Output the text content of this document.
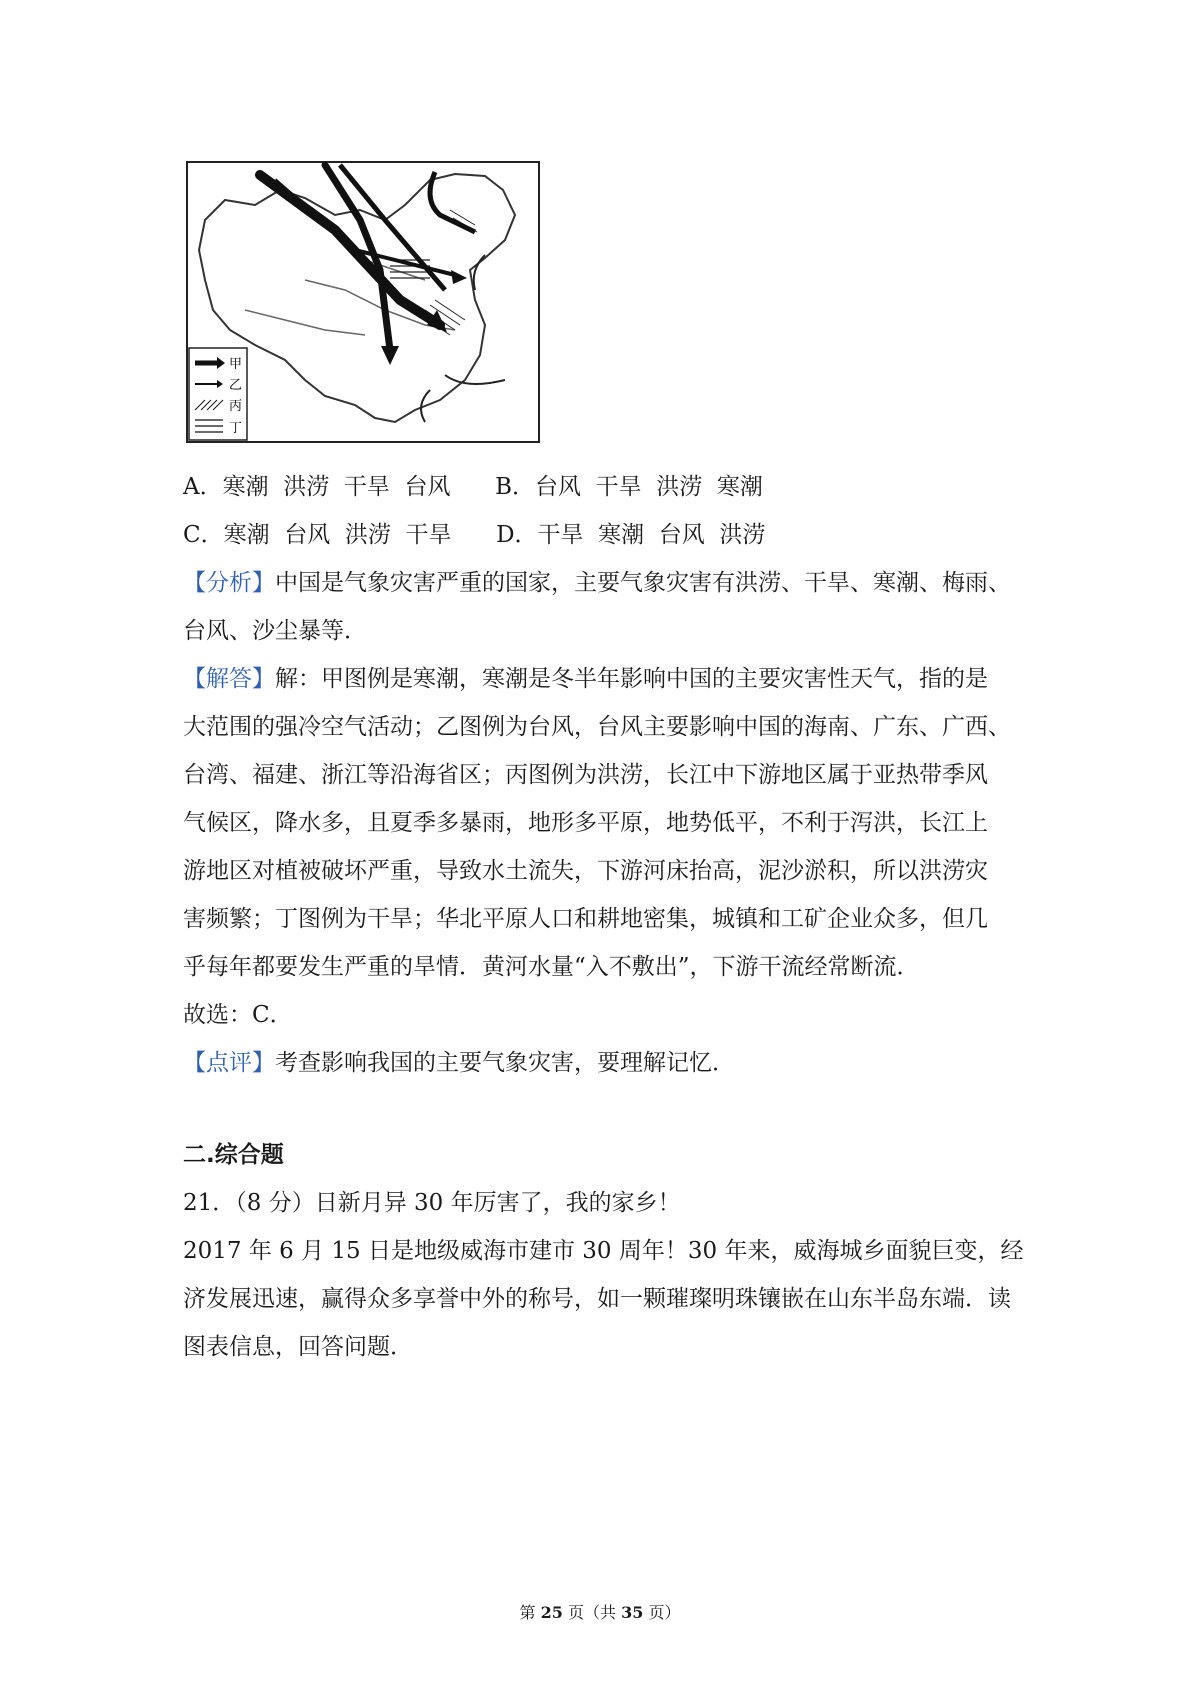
甲
乙
丙
丁
A．寒潮  洪涝  干旱  台风 B．台风  干旱  洪涝  寒潮
C．寒潮  台风  洪涝  干旱 D．干旱  寒潮  台风  洪涝
【分析】中国是气象灾害严重的国家，主要气象灾害有洪涝、干旱、寒潮、梅雨、
台风、沙尘暴等．
【解答】解：甲图例是寒潮，寒潮是冬半年影响中国的主要灾害性天气，指的是
大范围的强冷空气活动；乙图例为台风，台风主要影响中国的海南、广东、广西、
台湾、福建、浙江等沿海省区；丙图例为洪涝，长江中下游地区属于亚热带季风
气候区，降水多，且夏季多暴雨，地形多平原，地势低平，不利于泻洪，长江上
游地区对植被破坏严重，导致水土流失，下游河床抬高，泥沙淤积，所以洪涝灾
害频繁；丁图例为干旱；华北平原人口和耕地密集，城镇和工矿企业众多，但几
乎每年都要发生严重的旱情．黄河水量“入不敷出”，下游干流经常断流．
故选：C．
【点评】考查影响我国的主要气象灾害，要理解记忆．
二.综合题
21．（8 分）日新月异 30 年厉害了，我的家乡！
2017 年 6 月 15 日是地级威海市建市 30 周年！30 年来，威海城乡面貌巨变，经
济发展迅速，赢得众多享誉中外的称号，如一颗璀璨明珠镶嵌在山东半岛东端．读
图表信息，回答问题．
第 25 页（共 35 页）
